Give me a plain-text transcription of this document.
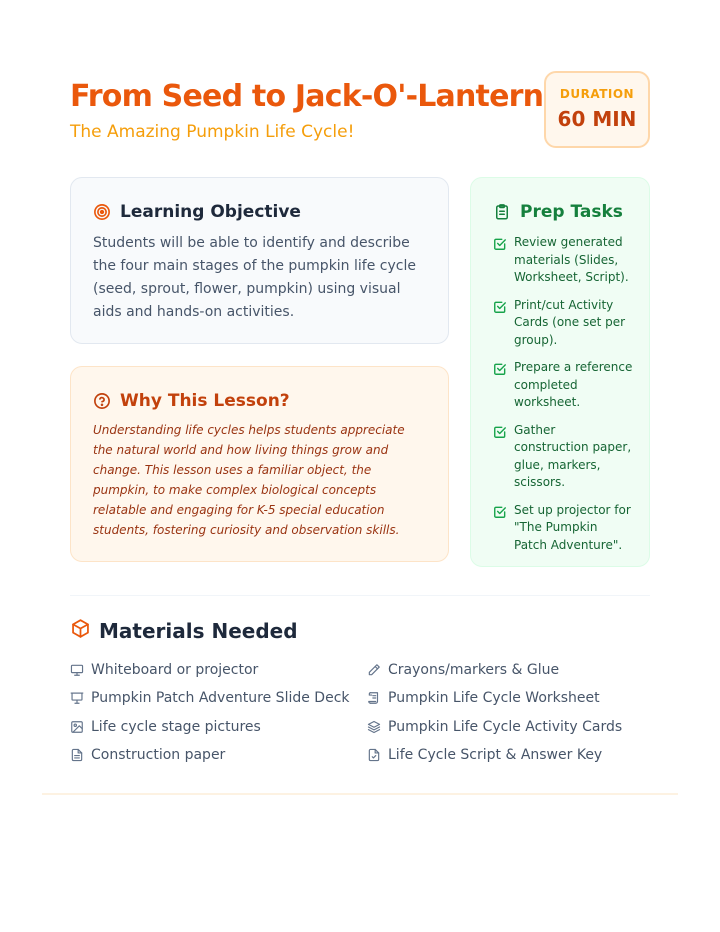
From Seed to Jack-O'-Lantern
The Amazing Pumpkin Life Cycle!
DURATION
60 MIN
Learning Objective

Students will be able to identify and describe the four main stages of the pumpkin life cycle (seed, sprout, flower, pumpkin) using visual aids and hands-on activities.

Why This Lesson?

Understanding life cycles helps students appreciate the natural world and how living things grow and change. This lesson uses a familiar object, the pumpkin, to make complex biological concepts relatable and engaging for K-5 special education students, fostering curiosity and observation skills.

Prep Tasks
Review generated materials (Slides, Worksheet, Script).
Print/cut Activity Cards (one set per group).
Prepare a reference completed worksheet.
Gather construction paper, glue, markers, scissors.
Set up projector for "The Pumpkin Patch Adventure".
Materials Needed
Whiteboard or projector	Crayons/markers & Glue
Pumpkin Patch Adventure Slide Deck	Pumpkin Life Cycle Worksheet
Life cycle stage pictures	Pumpkin Life Cycle Activity Cards
Construction paper	Life Cycle Script & Answer Key
